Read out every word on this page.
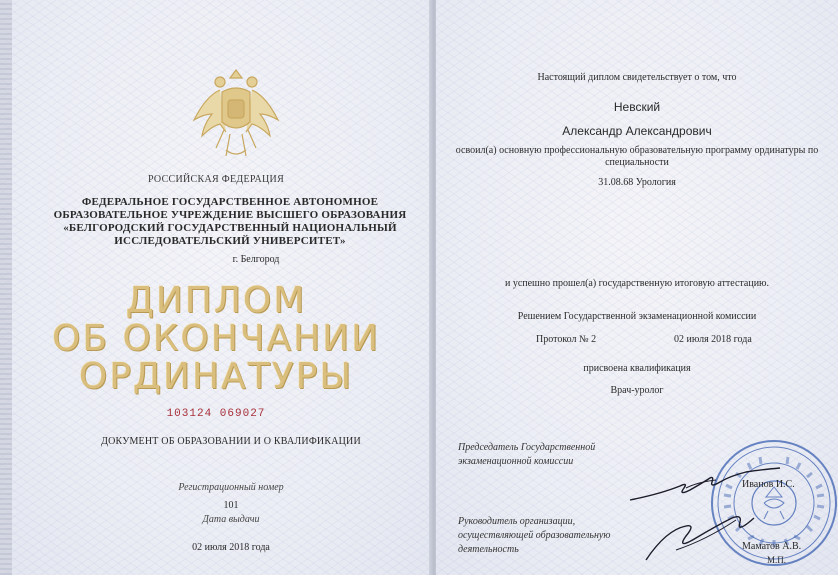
РОССИЙСКАЯ ФЕДЕРАЦИЯ
ФЕДЕРАЛЬНОЕ ГОСУДАРСТВЕННОЕ АВТОНОМНОЕ
ОБРАЗОВАТЕЛЬНОЕ УЧРЕЖДЕНИЕ ВЫСШЕГО ОБРАЗОВАНИЯ
«БЕЛГОРОДСКИЙ ГОСУДАРСТВЕННЫЙ НАЦИОНАЛЬНЫЙ
ИССЛЕДОВАТЕЛЬСКИЙ УНИВЕРСИТЕТ»
г. Белгород
ДИПЛОМ
ОБ ОКОНЧАНИИ
ОРДИНАТУРЫ
103124 069027
ДОКУМЕНТ ОБ ОБРАЗОВАНИИ И О КВАЛИФИКАЦИИ
Регистрационный номер
101
Дата выдачи
02 июля 2018 года
Настоящий диплом свидетельствует о том, что
Невский
Александр Александрович
освоил(а) основную профессиональную образовательную программу ординатуры по специальности
31.08.68 Урология
и успешно прошел(а) государственную итоговую аттестацию.
Решением Государственной экзаменационной комиссии
Протокол № 2	02 июля 2018 года
присвоена квалификация
Врач-уролог
Председатель Государственной экзаменационной комиссии
Иванов И.С.
Руководитель организации, осуществляющей образовательную деятельность	Маматов А.В.
М.П.
